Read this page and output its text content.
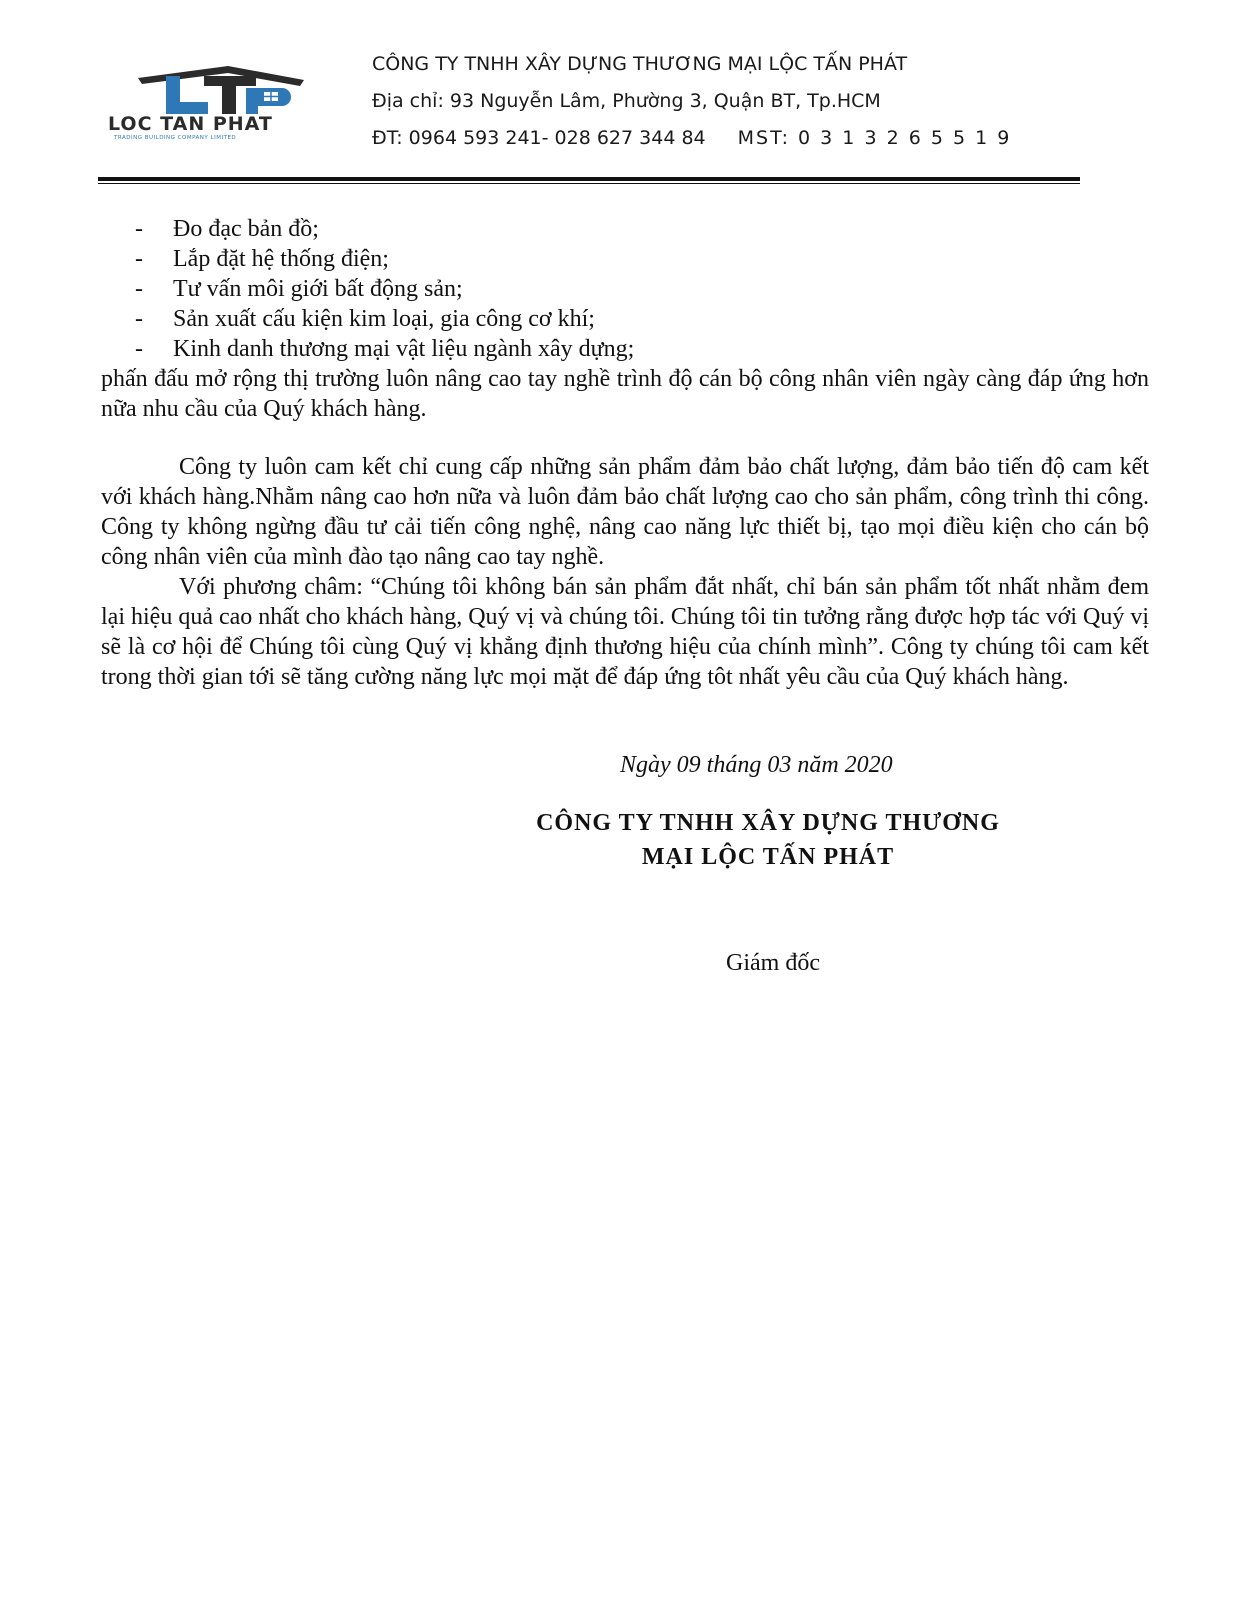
LOC TAN PHAT
TRADING BUILDING COMPANY LIMITED
CÔNG TY TNHH XÂY DỰNG THƯƠNG MẠI LỘC TẤN PHÁT
Địa chỉ: 93 Nguyễn Lâm, Phường 3, Quận BT, Tp.HCM
ĐT: 0964 593 241- 028 627 344 84 MST: 0 3 1 3 2 6 5 5 1 9
- Đo đạc bản đồ;
- Lắp đặt hệ thống điện;
- Tư vấn môi giới bất động sản;
- Sản xuất cấu kiện kim loại, gia công cơ khí;
- Kinh danh thương mại vật liệu ngành xây dựng;

phấn đấu mở rộng thị trường luôn nâng cao tay nghề trình độ cán bộ công nhân viên ngày càng đáp ứng hơn nữa nhu cầu của Quý khách hàng.

Công ty luôn cam kết chỉ cung cấp những sản phẩm đảm bảo chất lượng, đảm bảo tiến độ cam kết với khách hàng.Nhằm nâng cao hơn nữa và luôn đảm bảo chất lượng cao cho sản phẩm, công trình thi công. Công ty không ngừng đầu tư cải tiến công nghệ, nâng cao năng lực thiết bị, tạo mọi điều kiện cho cán bộ công nhân viên của mình đào tạo nâng cao tay nghề.

Với phương châm: “Chúng tôi không bán sản phẩm đắt nhất, chỉ bán sản phẩm tốt nhất nhằm đem lại hiệu quả cao nhất cho khách hàng, Quý vị và chúng tôi. Chúng tôi tin tưởng rằng được hợp tác với Quý vị sẽ là cơ hội để Chúng tôi cùng Quý vị khẳng định thương hiệu của chính mình”. Công ty chúng tôi cam kết trong thời gian tới sẽ tăng cường năng lực mọi mặt để đáp ứng tôt nhất yêu cầu của Quý khách hàng.

Ngày 09 tháng 03 năm 2020
CÔNG TY TNHH XÂY DỰNG THƯƠNG
MẠI LỘC TẤN PHÁT
Giám đốc
